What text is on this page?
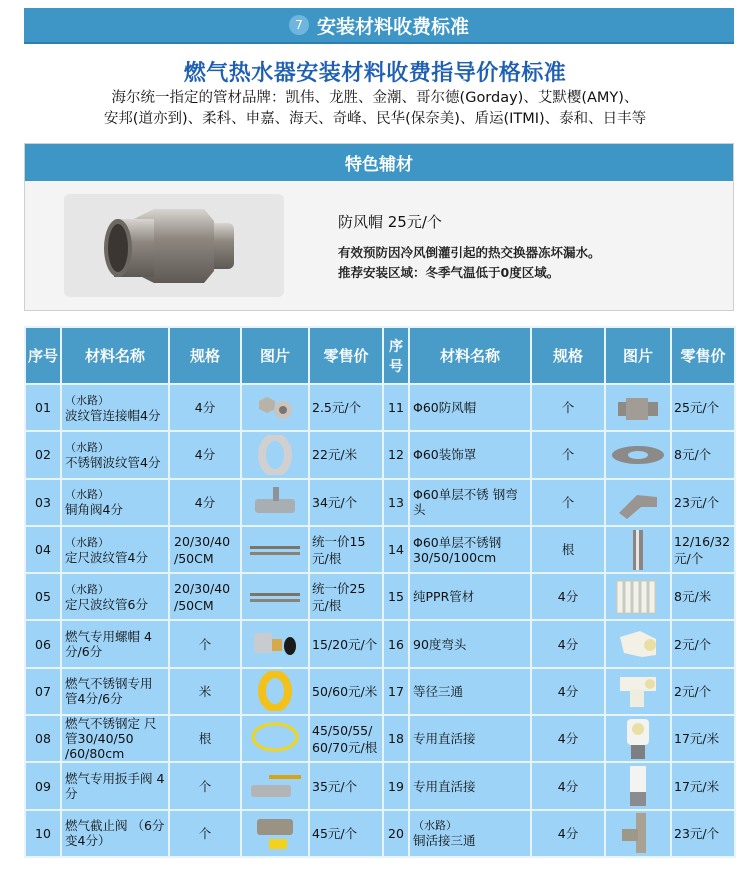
7 安装材料收费标准
燃气热水器安装材料收费指导价格标准
海尔统一指定的管材品牌：凯伟、龙胜、金潮、哥尔德(Gorday)、艾默樱(AMY)、
安邦(道亦到)、柔科、申嘉、海天、奇峰、民华(保奈美)、盾运(ITMI)、泰和、日丰等
特色辅材
防风帽 25元/个
有效预防因冷风倒灌引起的热交换器冻坏漏水。
推荐安装区域：冬季气温低于0度区域。
序号	材料名称	规格	图片	零售价	序号	材料名称	规格	图片	零售价
01	（水路）
波纹管连接帽4分	4分		2.5元/个	11	Φ60防风帽	个		25元/个
02	（水路）
不锈钢波纹管4分	4分		22元/米	12	Φ60装饰罩	个		8元/个
03	（水路）
铜角阀4分	4分		34元/个	13	Φ60单层不锈 钢弯头	个		23元/个
04	（水路）
定尺波纹管4分	20/30/40 /50CM		统一价15 元/根	14	Φ60单层不锈钢 30/50/100cm	根		12/16/32 元/个
05	（水路）
定尺波纹管6分	20/30/40 /50CM		统一价25 元/根	15	纯PPR管材	4分		8元/米
06	燃气专用螺帽 4分/6分	个		15/20元/个	16	90度弯头	4分		2元/个
07	燃气不锈钢专用 管4分/6分	米		50/60元/米	17	等径三通	4分		2元/个
08	燃气不锈钢定 尺管30/40/50 /60/80cm	根		45/50/55/ 60/70元/根	18	专用直活接	4分		17元/米
09	燃气专用扳手阀 4分	个		35元/个	19	专用直活接	4分		17元/米
10	燃气截止阀 （6分变4分）	个		45元/个	20	（水路）
铜活接三通	4分		23元/个
